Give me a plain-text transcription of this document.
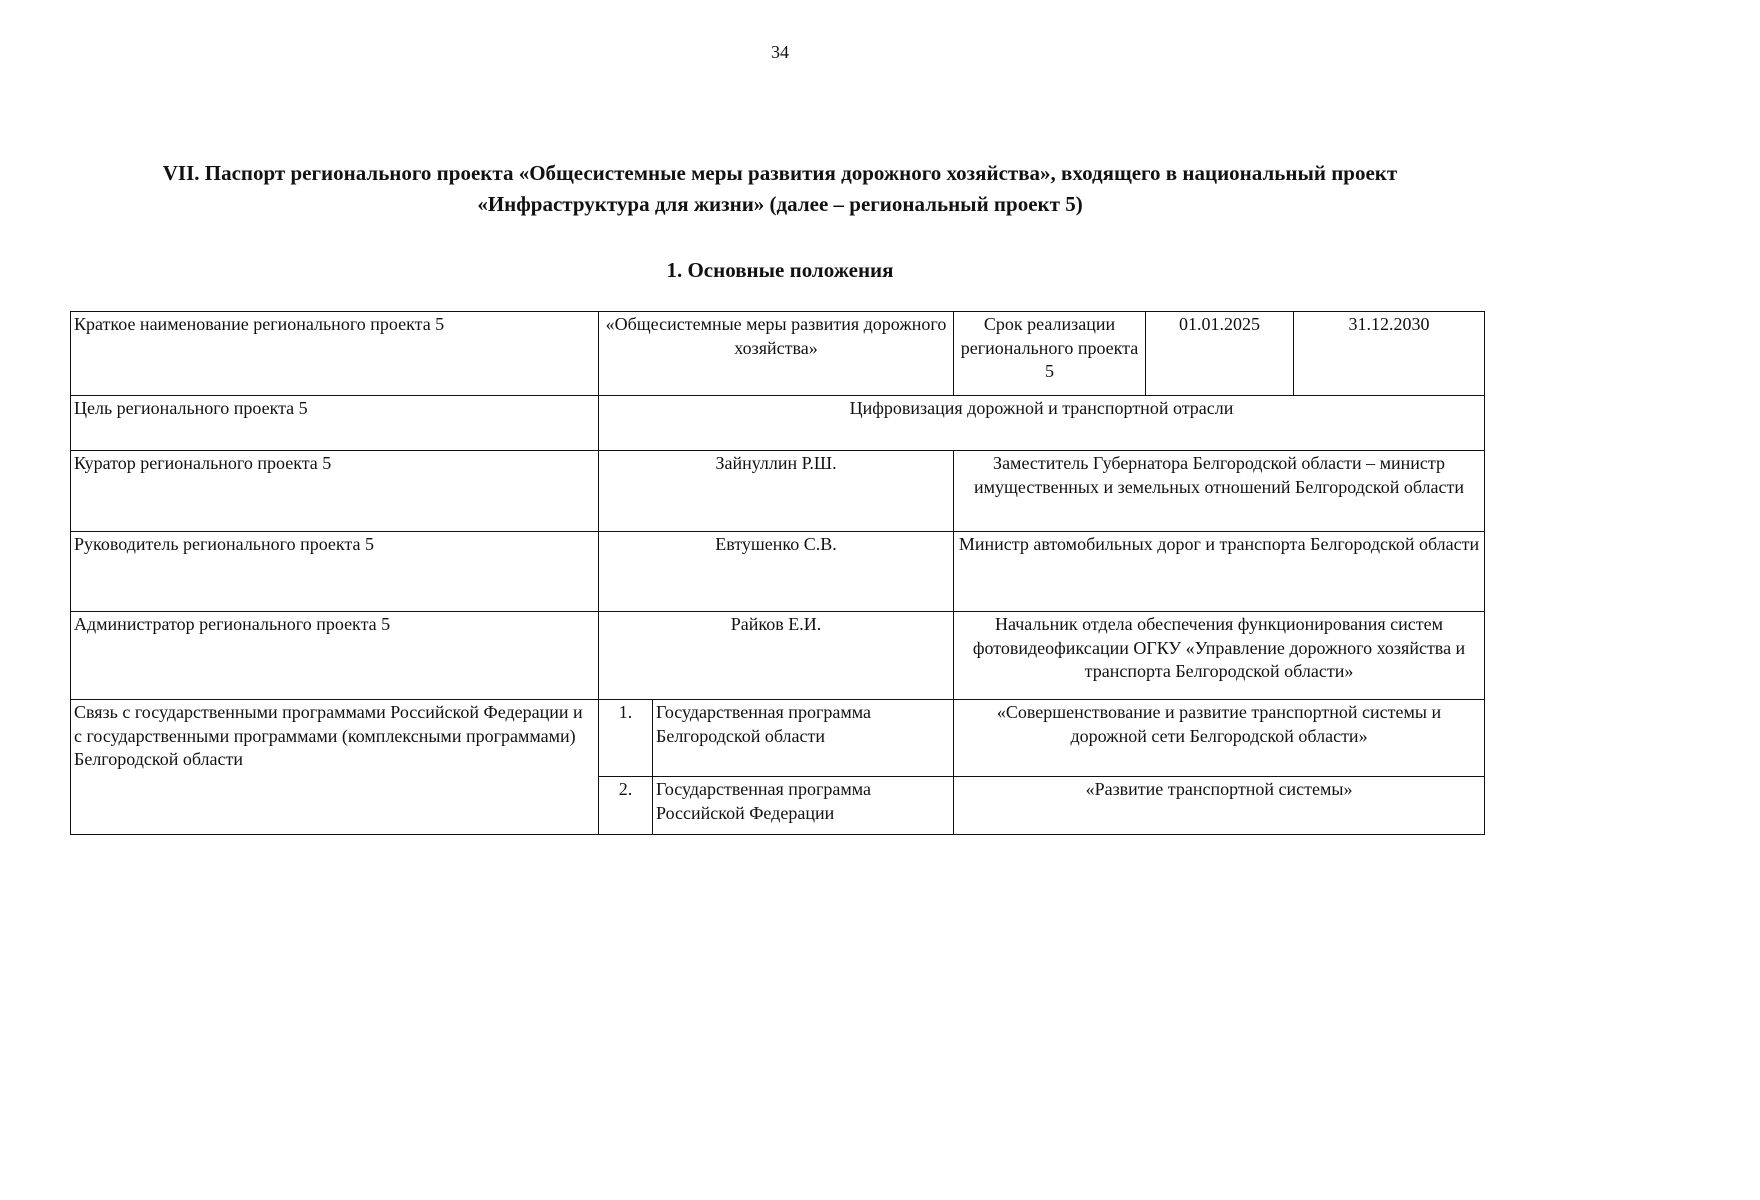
34
VII. Паспорт регионального проекта «Общесистемные меры развития дорожного хозяйства», входящего в национальный проект
«Инфраструктура для жизни» (далее – региональный проект 5)
1. Основные положения
Краткое наименование регионального проекта 5	«Общесистемные меры развития дорожного хозяйства»		Срок реализации регионального проекта 5	01.01.2025	31.12.2030
Цель регионального проекта 5	Цифровизация дорожной и транспортной отрасли				
Куратор регионального проекта 5	Зайнуллин Р.Ш.		Заместитель Губернатора Белгородской области – министр имущественных и земельных отношений Белгородской области		
Руководитель регионального проекта 5	Евтушенко С.В.		Министр автомобильных дорог и транспорта Белгородской области		
Администратор регионального проекта 5	Райков Е.И.		Начальник отдела обеспечения функционирования систем фотовидеофиксации ОГКУ «Управление дорожного хозяйства и транспорта Белгородской области»		
Связь с государственными программами Российской Федерации и с государственными программами (комплексными программами) Белгородской области	1.	Государственная программа Белгородской области	«Совершенствование и развитие транспортной системы и дорожной сети Белгородской области»		
	2.	Государственная программа Российской Федерации	«Развитие транспортной системы»		
